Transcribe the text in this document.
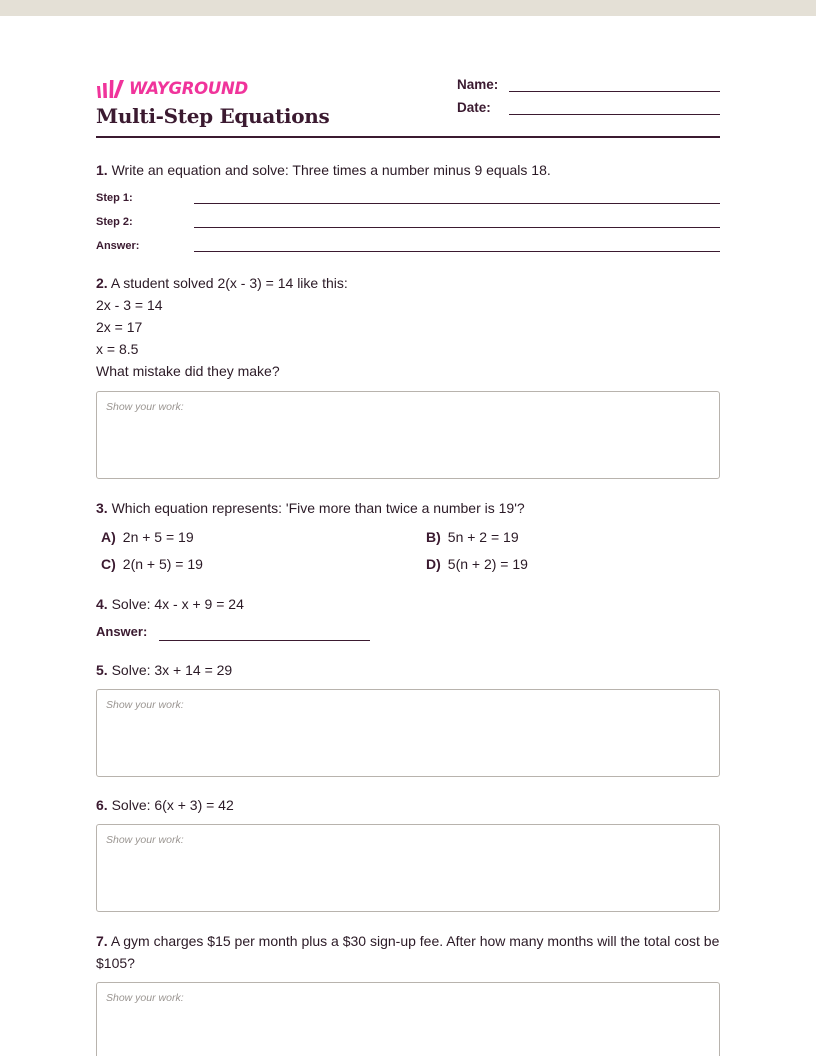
WAYGROUND
Multi-Step Equations
Name:
Date:
1. Write an equation and solve: Three times a number minus 9 equals 18.
Step 1:
Step 2:
Answer:
2. A student solved 2(x - 3) = 14 like this:
2x - 3 = 14
2x = 17
x = 8.5
What mistake did they make?
Show your work:
3. Which equation represents: 'Five more than twice a number is 19'?
A) 2n + 5 = 19	B) 5n + 2 = 19
C) 2(n + 5) = 19	D) 5(n + 2) = 19
4. Solve: 4x - x + 9 = 24
Answer:
5. Solve: 3x + 14 = 29
Show your work:
6. Solve: 6(x + 3) = 42
Show your work:
7. A gym charges $15 per month plus a $30 sign-up fee. After how many months will the total cost be $105?
Show your work:
